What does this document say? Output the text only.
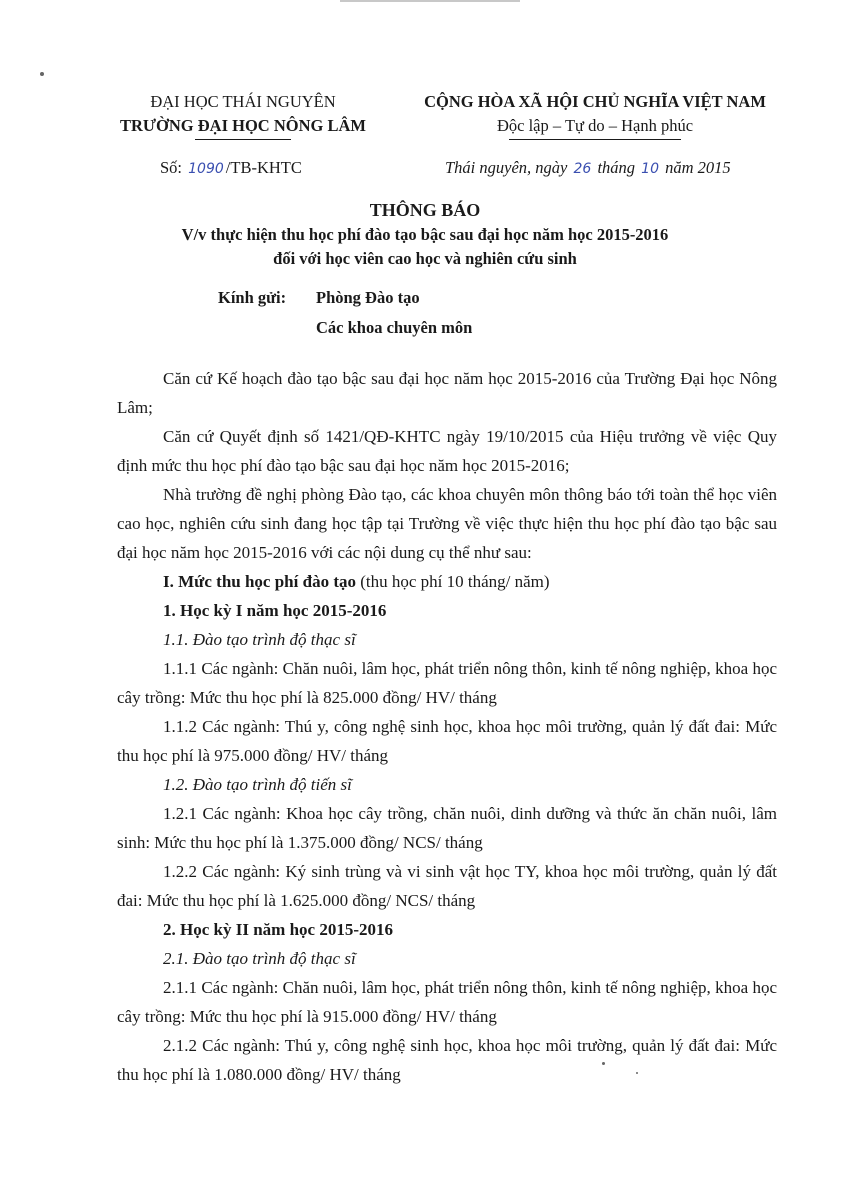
ĐẠI HỌC THÁI NGUYÊN
TRƯỜNG ĐẠI HỌC NÔNG LÂM
CỘNG HÒA XÃ HỘI CHỦ NGHĨA VIỆT NAM
Độc lập – Tự do – Hạnh phúc
Số: 1090 /TB-KHTC	Thái nguyên, ngày 26 tháng 10 năm 2015
THÔNG BÁO
V/v thực hiện thu học phí đào tạo bậc sau đại học năm học 2015-2016
đối với học viên cao học và nghiên cứu sinh
Kính gửi: Phòng Đào tạo
Các khoa chuyên môn

Căn cứ Kế hoạch đào tạo bậc sau đại học năm học 2015-2016 của Trường Đại học Nông Lâm;

Căn cứ Quyết định số 1421/QĐ-KHTC ngày 19/10/2015 của Hiệu trưởng về việc Quy định mức thu học phí đào tạo bậc sau đại học năm học 2015-2016;

Nhà trường đề nghị phòng Đào tạo, các khoa chuyên môn thông báo tới toàn thể học viên cao học, nghiên cứu sinh đang học tập tại Trường về việc thực hiện thu học phí đào tạo bậc sau đại học năm học 2015-2016 với các nội dung cụ thể như sau:

I. Mức thu học phí đào tạo (thu học phí 10 tháng/ năm)

1. Học kỳ I năm học 2015-2016

1.1. Đào tạo trình độ thạc sĩ

1.1.1 Các ngành: Chăn nuôi, lâm học, phát triển nông thôn, kinh tế nông nghiệp, khoa học cây trồng: Mức thu học phí là 825.000 đồng/ HV/ tháng

1.1.2 Các ngành: Thú y, công nghệ sinh học, khoa học môi trường, quản lý đất đai: Mức thu học phí là 975.000 đồng/ HV/ tháng

1.2. Đào tạo trình độ tiến sĩ

1.2.1 Các ngành: Khoa học cây trồng, chăn nuôi, dinh dưỡng và thức ăn chăn nuôi, lâm sinh: Mức thu học phí là 1.375.000 đồng/ NCS/ tháng

1.2.2 Các ngành: Ký sinh trùng và vi sinh vật học TY, khoa học môi trường, quản lý đất đai: Mức thu học phí là 1.625.000 đồng/ NCS/ tháng

2. Học kỳ II năm học 2015-2016

2.1. Đào tạo trình độ thạc sĩ

2.1.1 Các ngành: Chăn nuôi, lâm học, phát triển nông thôn, kinh tế nông nghiệp, khoa học cây trồng: Mức thu học phí là 915.000 đồng/ HV/ tháng

2.1.2 Các ngành: Thú y, công nghệ sinh học, khoa học môi trường, quản lý đất đai: Mức thu học phí là 1.080.000 đồng/ HV/ tháng
